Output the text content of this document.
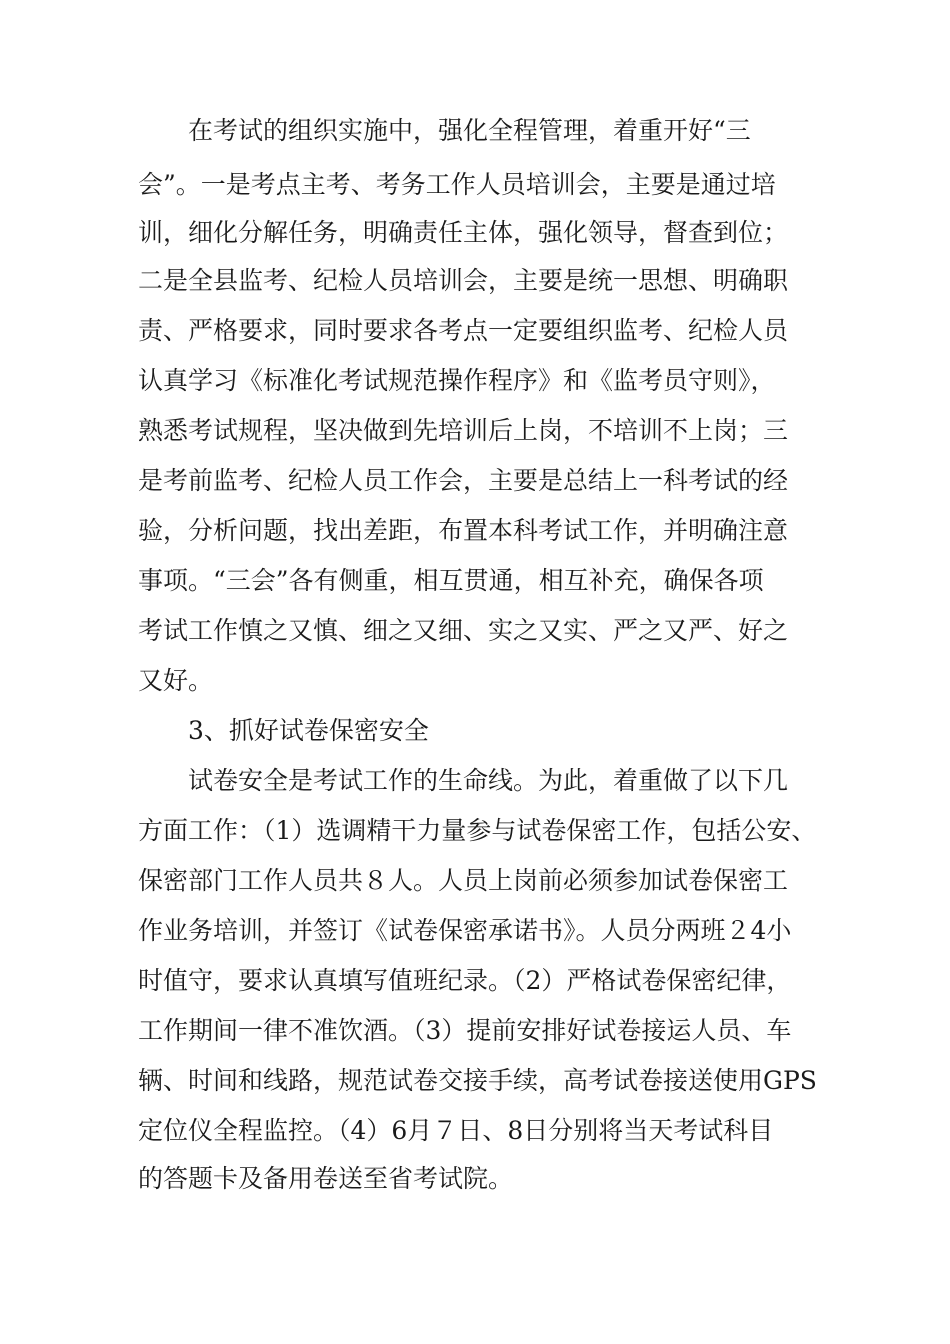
在考试的组织实施中，强化全程管理，着重开好“三
会”。一是考点主考、考务工作人员培训会，主要是通过培
训，细化分解任务，明确责任主体，强化领导，督查到位；
二是全县监考、纪检人员培训会，主要是统一思想、明确职
责、严格要求，同时要求各考点一定要组织监考、纪检人员
认真学习《标准化考试规范操作程序》和《监考员守则》，
熟悉考试规程，坚决做到先培训后上岗，不培训不上岗；三
是考前监考、纪检人员工作会，主要是总结上一科考试的经
验，分析问题，找出差距，布置本科考试工作，并明确注意
事项。“三会”各有侧重，相互贯通，相互补充，确保各项
考试工作慎之又慎、细之又细、实之又实、严之又严、好之
又好。
3、抓好试卷保密安全
试卷安全是考试工作的生命线。为此，着重做了以下几
方面工作：（1）选调精干力量参与试卷保密工作，包括公安、
保密部门工作人员共８人。人员上岗前必须参加试卷保密工
作业务培训，并签订《试卷保密承诺书》。人员分两班２4小
时值守，要求认真填写值班纪录。（2）严格试卷保密纪律，
工作期间一律不准饮酒。（3）提前安排好试卷接运人员、车
辆、时间和线路，规范试卷交接手续，高考试卷接送使用GPS
定位仪全程监控。（4）6月７日、8日分别将当天考试科目
的答题卡及备用卷送至省考试院。
